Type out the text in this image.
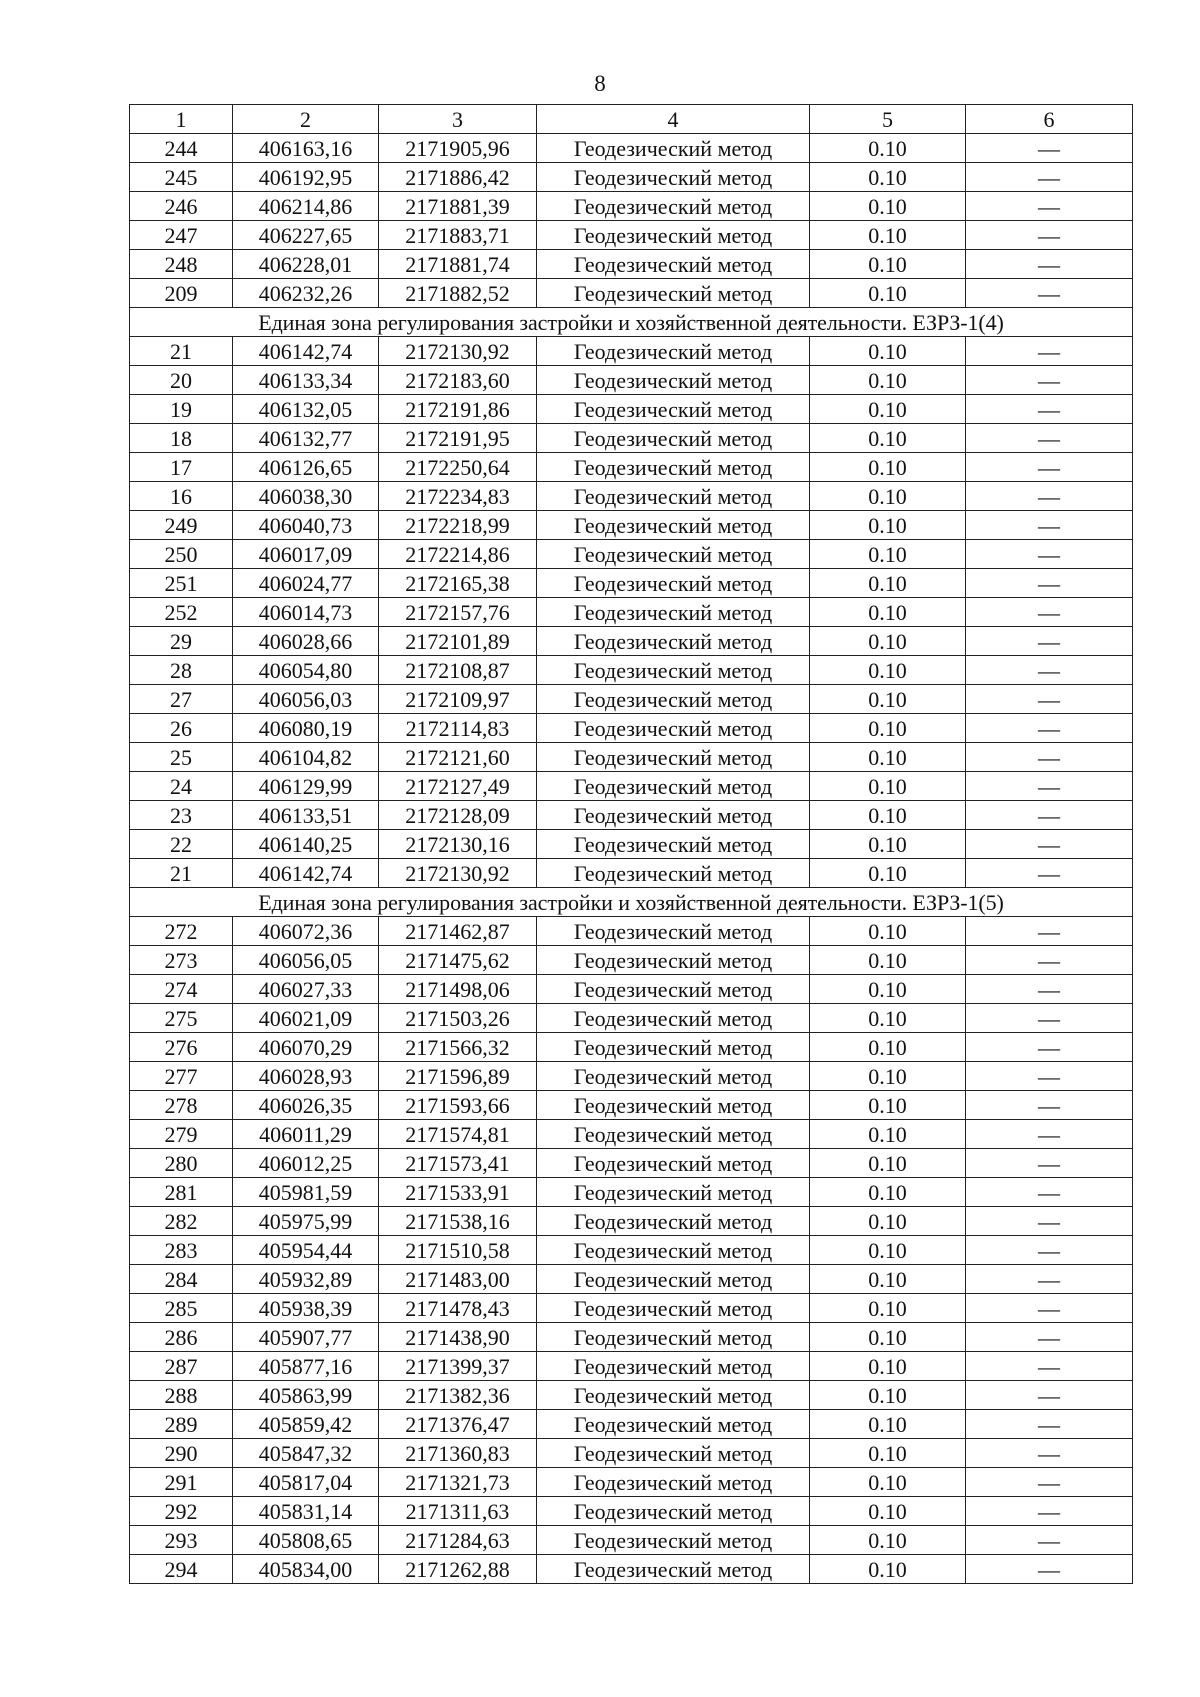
8
1	2	3	4	5	6
244	406163,16	2171905,96	Геодезический метод	0.10	—
245	406192,95	2171886,42	Геодезический метод	0.10	—
246	406214,86	2171881,39	Геодезический метод	0.10	—
247	406227,65	2171883,71	Геодезический метод	0.10	—
248	406228,01	2171881,74	Геодезический метод	0.10	—
209	406232,26	2171882,52	Геодезический метод	0.10	—
Единая зона регулирования застройки и хозяйственной деятельности. ЕЗРЗ-1(4)					
21	406142,74	2172130,92	Геодезический метод	0.10	—
20	406133,34	2172183,60	Геодезический метод	0.10	—
19	406132,05	2172191,86	Геодезический метод	0.10	—
18	406132,77	2172191,95	Геодезический метод	0.10	—
17	406126,65	2172250,64	Геодезический метод	0.10	—
16	406038,30	2172234,83	Геодезический метод	0.10	—
249	406040,73	2172218,99	Геодезический метод	0.10	—
250	406017,09	2172214,86	Геодезический метод	0.10	—
251	406024,77	2172165,38	Геодезический метод	0.10	—
252	406014,73	2172157,76	Геодезический метод	0.10	—
29	406028,66	2172101,89	Геодезический метод	0.10	—
28	406054,80	2172108,87	Геодезический метод	0.10	—
27	406056,03	2172109,97	Геодезический метод	0.10	—
26	406080,19	2172114,83	Геодезический метод	0.10	—
25	406104,82	2172121,60	Геодезический метод	0.10	—
24	406129,99	2172127,49	Геодезический метод	0.10	—
23	406133,51	2172128,09	Геодезический метод	0.10	—
22	406140,25	2172130,16	Геодезический метод	0.10	—
21	406142,74	2172130,92	Геодезический метод	0.10	—
Единая зона регулирования застройки и хозяйственной деятельности. ЕЗРЗ-1(5)					
272	406072,36	2171462,87	Геодезический метод	0.10	—
273	406056,05	2171475,62	Геодезический метод	0.10	—
274	406027,33	2171498,06	Геодезический метод	0.10	—
275	406021,09	2171503,26	Геодезический метод	0.10	—
276	406070,29	2171566,32	Геодезический метод	0.10	—
277	406028,93	2171596,89	Геодезический метод	0.10	—
278	406026,35	2171593,66	Геодезический метод	0.10	—
279	406011,29	2171574,81	Геодезический метод	0.10	—
280	406012,25	2171573,41	Геодезический метод	0.10	—
281	405981,59	2171533,91	Геодезический метод	0.10	—
282	405975,99	2171538,16	Геодезический метод	0.10	—
283	405954,44	2171510,58	Геодезический метод	0.10	—
284	405932,89	2171483,00	Геодезический метод	0.10	—
285	405938,39	2171478,43	Геодезический метод	0.10	—
286	405907,77	2171438,90	Геодезический метод	0.10	—
287	405877,16	2171399,37	Геодезический метод	0.10	—
288	405863,99	2171382,36	Геодезический метод	0.10	—
289	405859,42	2171376,47	Геодезический метод	0.10	—
290	405847,32	2171360,83	Геодезический метод	0.10	—
291	405817,04	2171321,73	Геодезический метод	0.10	—
292	405831,14	2171311,63	Геодезический метод	0.10	—
293	405808,65	2171284,63	Геодезический метод	0.10	—
294	405834,00	2171262,88	Геодезический метод	0.10	—
